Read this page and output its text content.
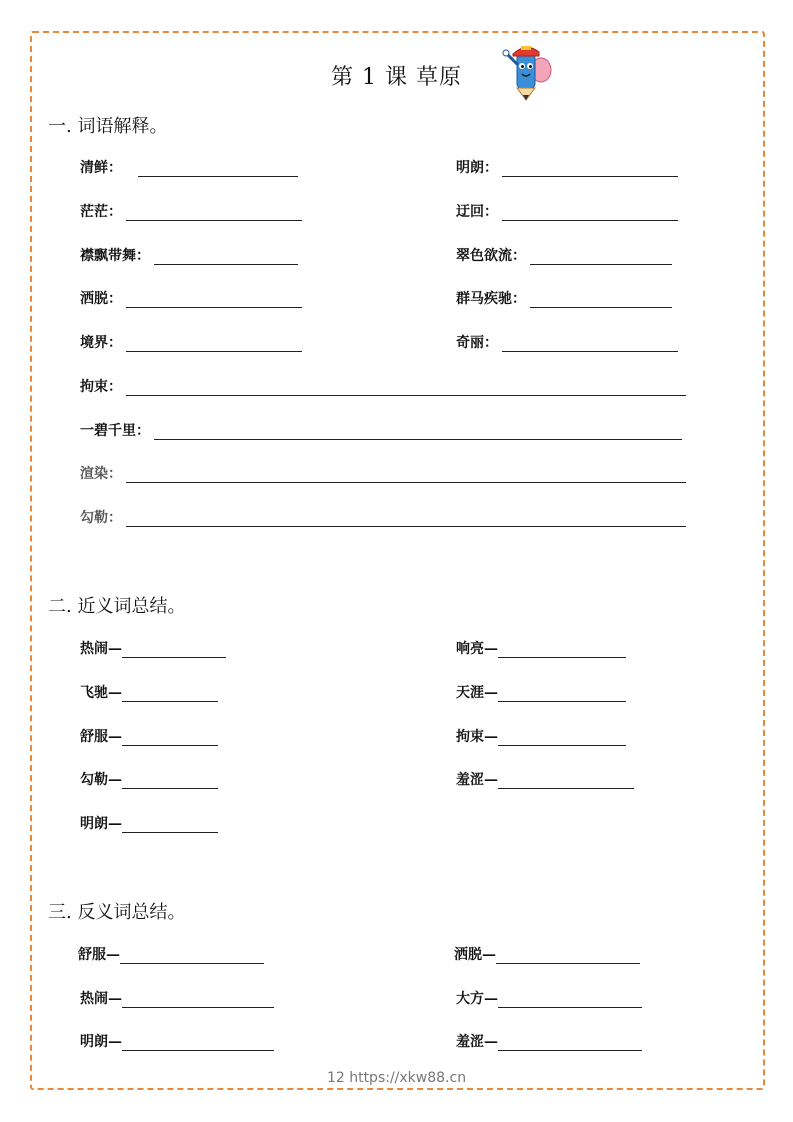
第 1 课 草原
一. 词语解释。
清鲜：	明朗：
茫茫：	迂回：
襟飘带舞：	翠色欲流：
洒脱：	群马疾驰：
境界：	奇丽：
拘束：
一碧千里：
渲染：
勾勒：
二. 近义词总结。
热闹—	响亮—
飞驰—	天涯—
舒服—	拘束—
勾勒—	羞涩—
明朗—
三. 反义词总结。
舒服—	洒脱—
热闹—	大方—
明朗—	羞涩—
12 https://xkw88.cn
